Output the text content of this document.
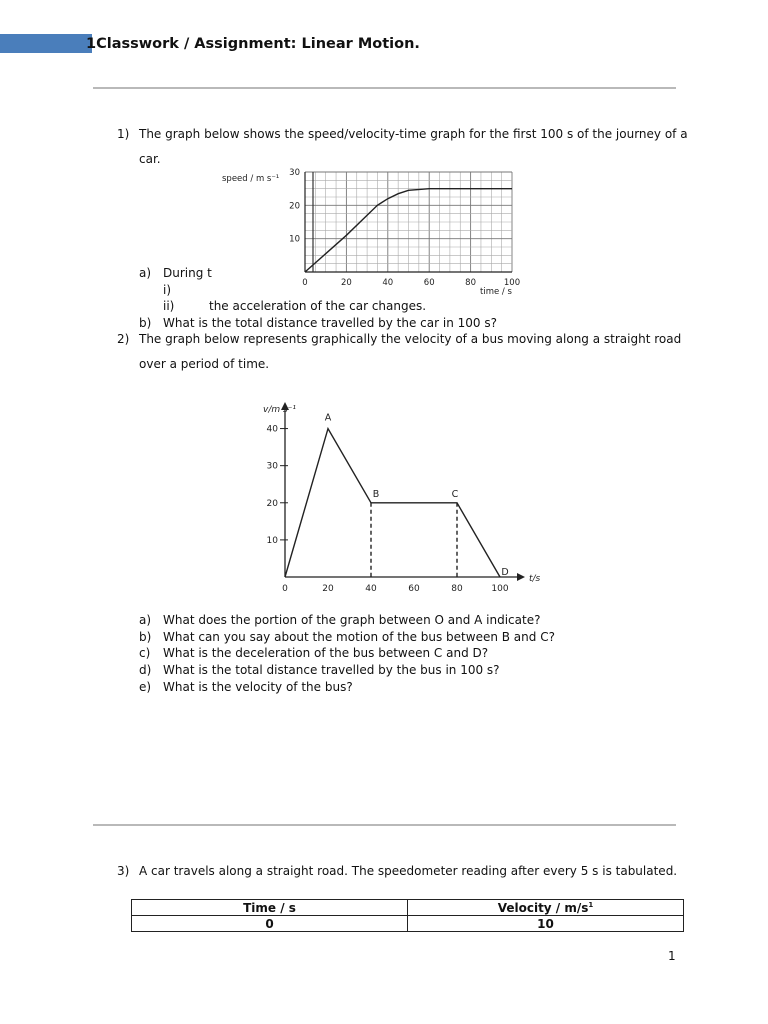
1Classwork / Assignment: Linear Motion.
1) The graph below shows the speed/velocity-time graph for the first 100 s of the journey of a
car.
a) During t
i)
ii)	the acceleration of the car changes.
b) What is the total distance travelled by the car in 100 s?
0	20	40	60	80	100
10
20
30
speed / m s⁻¹
time / s
2) The graph below represents graphically the velocity of a bus moving along a straight road
over a period of time.
10
20
30
40
0	20	40	60	80	100
A
B	C
D
v/m s⁻¹
t/s
a) What does the portion of the graph between O and A indicate?
b) What can you say about the motion of the bus between B and C?
c) What is the deceleration of the bus between C and D?
d) What is the total distance travelled by the bus in 100 s?
e) What is the velocity of the bus?
3) A car travels along a straight road. The speedometer reading after every 5 s is tabulated.
Time / s	Velocity / $m/s^1$
0	10
1
